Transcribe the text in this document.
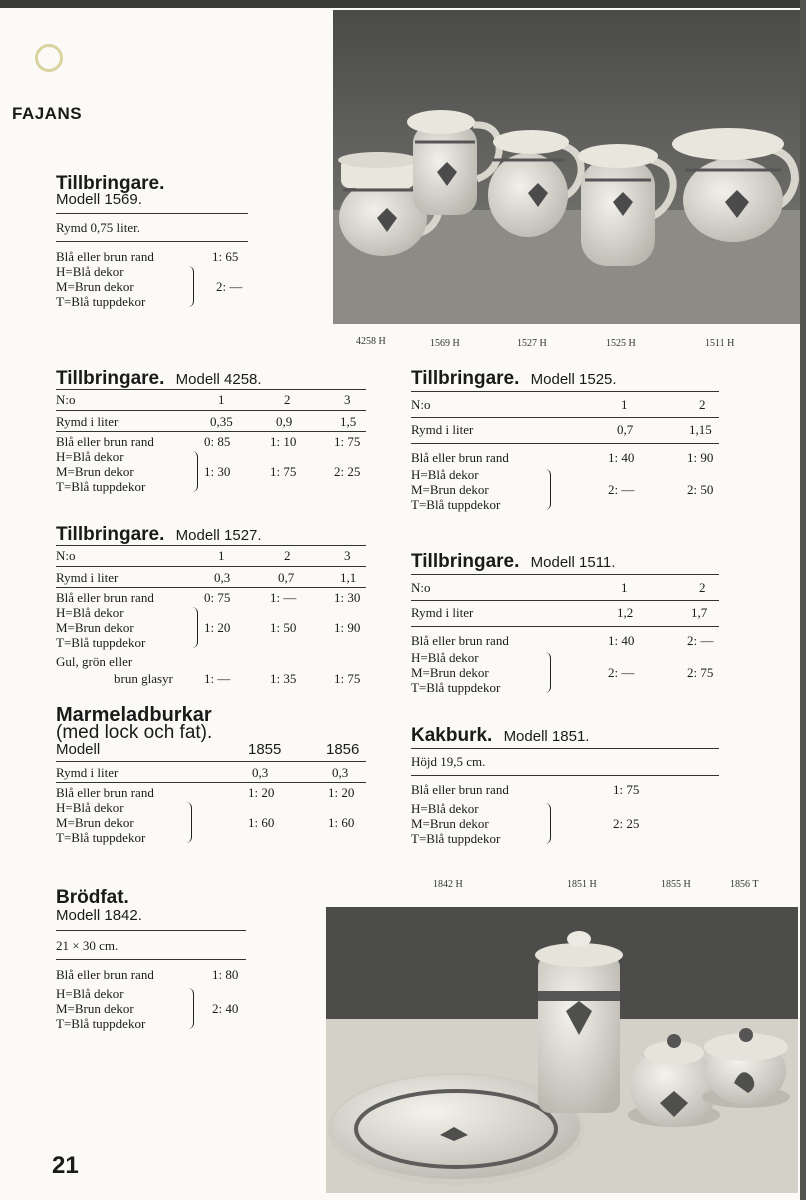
FAJANS
4258 H	1569 H	1527 H	1525 H	1511 H
Tillbringare.
Modell 1569.
Rymd 0,75 liter.
Blå eller brun rand	1: 65
H=Blå dekor
M=Brun dekor
T=Blå tuppdekor
2: —
Tillbringare. Modell 4258.
N:o	1	2	3
Rymd i liter	0,35	0,9	1,5
Blå eller brun rand	0: 85	1: 10	1: 75
H=Blå dekor
M=Brun dekor
T=Blå tuppdekor
1: 30	1: 75	2: 25
Tillbringare. Modell 1527.
N:o	1	2	3
Rymd i liter	0,3	0,7	1,1
Blå eller brun rand	0: 75	1: —	1: 30
H=Blå dekor
M=Brun dekor
T=Blå tuppdekor
1: 20	1: 50	1: 90
Gul, grön eller
brun glasyr 1: —	1: 35	1: 75
Marmeladburkar
(med lock och fat).
Modell	1855	1856
Rymd i liter	0,3	0,3
Blå eller brun rand	1: 20	1: 20
H=Blå dekor
M=Brun dekor
T=Blå tuppdekor
1: 60	1: 60
Brödfat.
Modell 1842.
21 × 30 cm.
Blå eller brun rand	1: 80
H=Blå dekor
M=Brun dekor
T=Blå tuppdekor
2: 40
Tillbringare. Modell 1525.
N:o	1	2
Rymd i liter	0,7	1,15
Blå eller brun rand	1: 40	1: 90
H=Blå dekor
M=Brun dekor
T=Blå tuppdekor
2: —	2: 50
Tillbringare. Modell 1511.
N:o	1	2
Rymd i liter	1,2	1,7
Blå eller brun rand	1: 40	2: —
H=Blå dekor
M=Brun dekor
T=Blå tuppdekor
2: —	2: 75
Kakburk. Modell 1851.
Höjd 19,5 cm.
Blå eller brun rand	1: 75
H=Blå dekor
M=Brun dekor
T=Blå tuppdekor
2: 25
1842 H	1851 H	1855 H	1856 T
21
